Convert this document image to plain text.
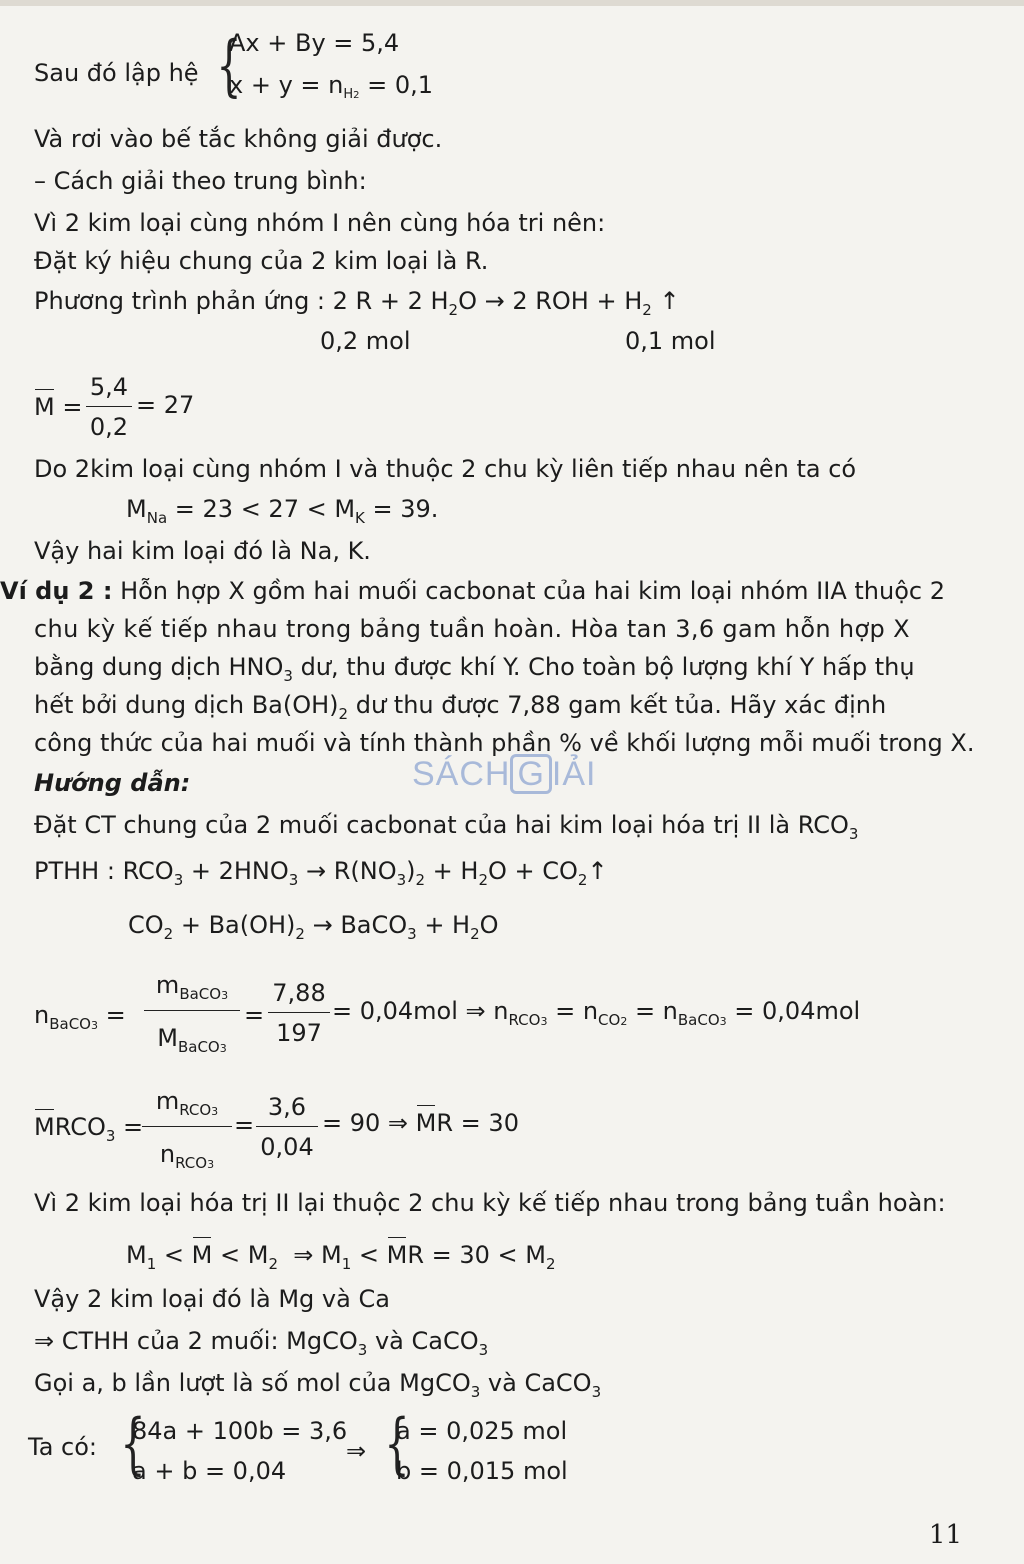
Sau đó lập hệ {
Ax + By = 5,4
$x + y = n_{H2} = 0,1$
Và rơi vào bế tắc không giải được.
– Cách giải theo trung bình:
Vì 2 kim loại cùng nhóm I nên cùng hóa tri nên:
Đặt ký hiệu chung của 2 kim loại là R.
Phương trình phản ứng : 2 R + 2 $H_2O \to 2$ ROH + $H_2$ ↑
0,2 mol	0,1 mol
M =
5,4
0,2
= 27
Do 2kim loại cùng nhóm I và thuộc 2 chu kỳ liên tiếp nhau nên ta có
$M_{Na} = 23 < 27 < M_K = 39$.
Vậy hai kim loại đó là Na, K.
Ví dụ 2 : Hỗn hợp X gồm hai muối cacbonat của hai kim loại nhóm IIA thuộc 2
chu kỳ kế tiếp nhau trong bảng tuần hoàn. Hòa tan 3,6 gam hỗn hợp X
bằng dung dịch $HNO_3$ dư, thu được khí Y. Cho toàn bộ lượng khí Y hấp thụ
hết bởi dung dịch $Ba(OH)_2$ dư thu được 7,88 gam kết tủa. Hãy xác định
công thức của hai muối và tính thành phần % về khối lượng mỗi muối trong X.
Hướng dẫn:	SÁCH G IẢI
Đặt CT chung của 2 muối cacbonat của hai kim loại hóa trị II là $RCO_3$
PTHH : $RCO_3 + 2HNO_3 \to R(NO_3)_2 + H_2O$ + $CO_2↑$
$CO_2 + Ba(OH)_2$ → BaCO$_3$ + $H_2O$
$n_{BaCO3}$ =
$m_{BaCO3}$
$M_{BaCO3}$
=
7,88
197
= 0,04mol ⇒ $n_{RCO3} = n_{CO2} = n_{BaCO3} = 0,04mol$
$MRCO_3$ =
$m_{RCO3}$
$n_{RCO3}$
=
3,6
0,04
= 90 ⇒ MR = 30
Vì 2 kim loại hóa trị II lại thuộc 2 chu kỳ kế tiếp nhau trong bảng tuần hoàn:
$M_1 < M < M_2$  ⇒ $M_1$ < MR = $30 < M_2$
Vậy 2 kim loại đó là Mg và Ca
⇒ CTHH của 2 muối: MgCO$_3$ và CaCO$_3$
Gọi a, b lần lượt là số mol của MgCO$_3$ và CaCO$_3$
Ta có: {
84a + 100b = 3,6
a + b = 0,04
⇒ {
a = 0,025 mol
b = 0,015 mol
11
